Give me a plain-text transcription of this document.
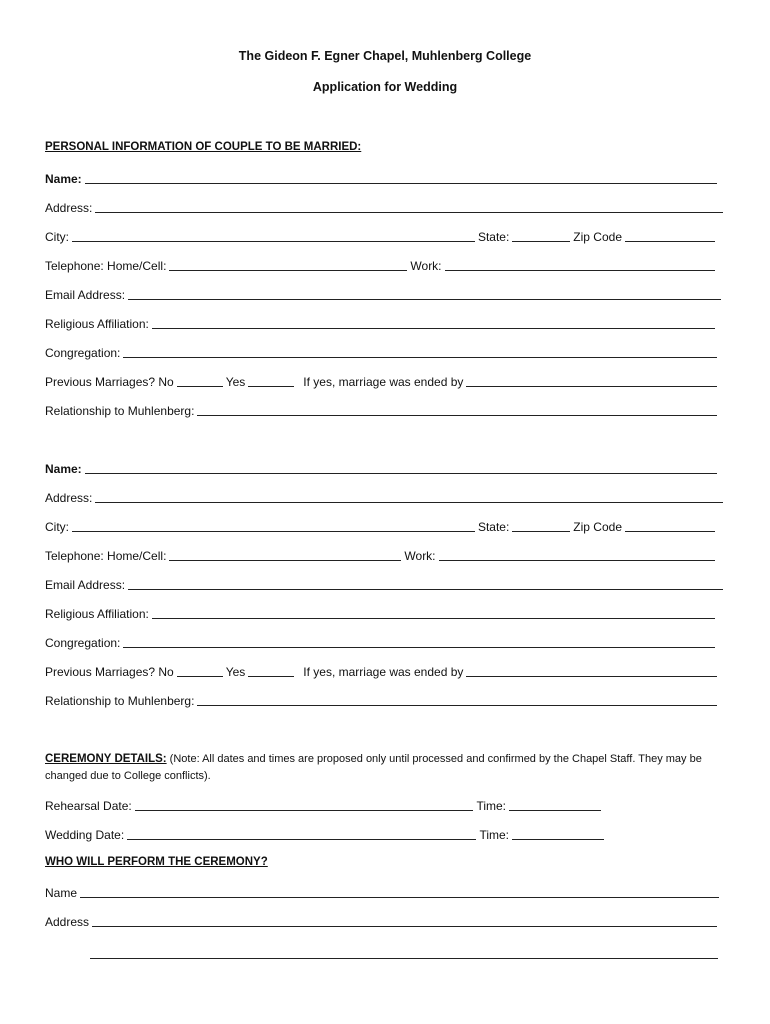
The Gideon F. Egner Chapel, Muhlenberg College
Application for Wedding
PERSONAL INFORMATION OF COUPLE TO BE MARRIED:
Name:
Address:
City:	State:	Zip Code
Telephone: Home/Cell:	Work:
Email Address:
Religious Affiliation:
Congregation:
Previous Marriages? No	Yes	If yes, marriage was ended by
Relationship to Muhlenberg:
Name:
Address:
City:	State:	Zip Code
Telephone: Home/Cell:	Work:
Email Address:
Religious Affiliation:
Congregation:
Previous Marriages? No	Yes	If yes, marriage was ended by
Relationship to Muhlenberg:
CEREMONY DETAILS: (Note: All dates and times are proposed only until processed and confirmed by the Chapel Staff. They may be changed due to College conflicts).
Rehearsal Date:	Time:
Wedding Date:	Time:
WHO WILL PERFORM THE CEREMONY?
Name
Address
